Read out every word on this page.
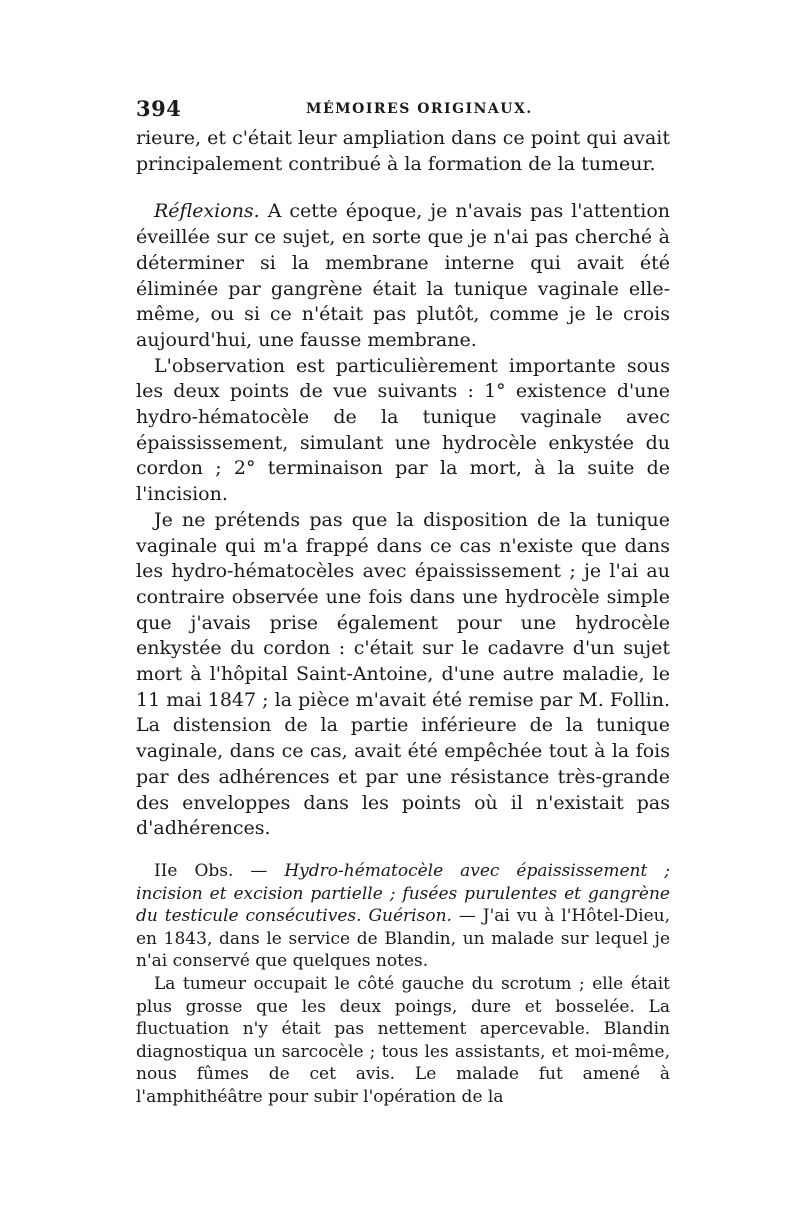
394	MÉMOIRES ORIGINAUX.

rieure, et c'était leur ampliation dans ce point qui avait principalement contribué à la formation de la tumeur.

Réflexions. A cette époque, je n'avais pas l'attention éveillée sur ce sujet, en sorte que je n'ai pas cherché à déterminer si la membrane interne qui avait été éliminée par gangrène était la tunique vaginale elle-même, ou si ce n'était pas plutôt, comme je le crois aujourd'hui, une fausse membrane.

L'observation est particulièrement importante sous les deux points de vue suivants : 1° existence d'une hydro-hématocèle de la tunique vaginale avec épaississement, simulant une hydrocèle enkystée du cordon ; 2° terminaison par la mort, à la suite de l'incision.

Je ne prétends pas que la disposition de la tunique vaginale qui m'a frappé dans ce cas n'existe que dans les hydro-hématocèles avec épaississement ; je l'ai au contraire observée une fois dans une hydrocèle simple que j'avais prise également pour une hydrocèle enkystée du cordon : c'était sur le cadavre d'un sujet mort à l'hôpital Saint-Antoine, d'une autre maladie, le 11 mai 1847 ; la pièce m'avait été remise par M. Follin. La distension de la partie inférieure de la tunique vaginale, dans ce cas, avait été empêchée tout à la fois par des adhérences et par une résistance très-grande des enveloppes dans les points où il n'existait pas d'adhérences.

IIe Obs. — Hydro-hématocèle avec épaississement ; incision et excision partielle ; fusées purulentes et gangrène du testicule consécutives. Guérison. — J'ai vu à l'Hôtel-Dieu, en 1843, dans le service de Blandin, un malade sur lequel je n'ai conservé que quelques notes.

La tumeur occupait le côté gauche du scrotum ; elle était plus grosse que les deux poings, dure et bosselée. La fluctuation n'y était pas nettement apercevable. Blandin diagnostiqua un sarcocèle ; tous les assistants, et moi-même, nous fûmes de cet avis. Le malade fut amené à l'amphithéâtre pour subir l'opération de la
